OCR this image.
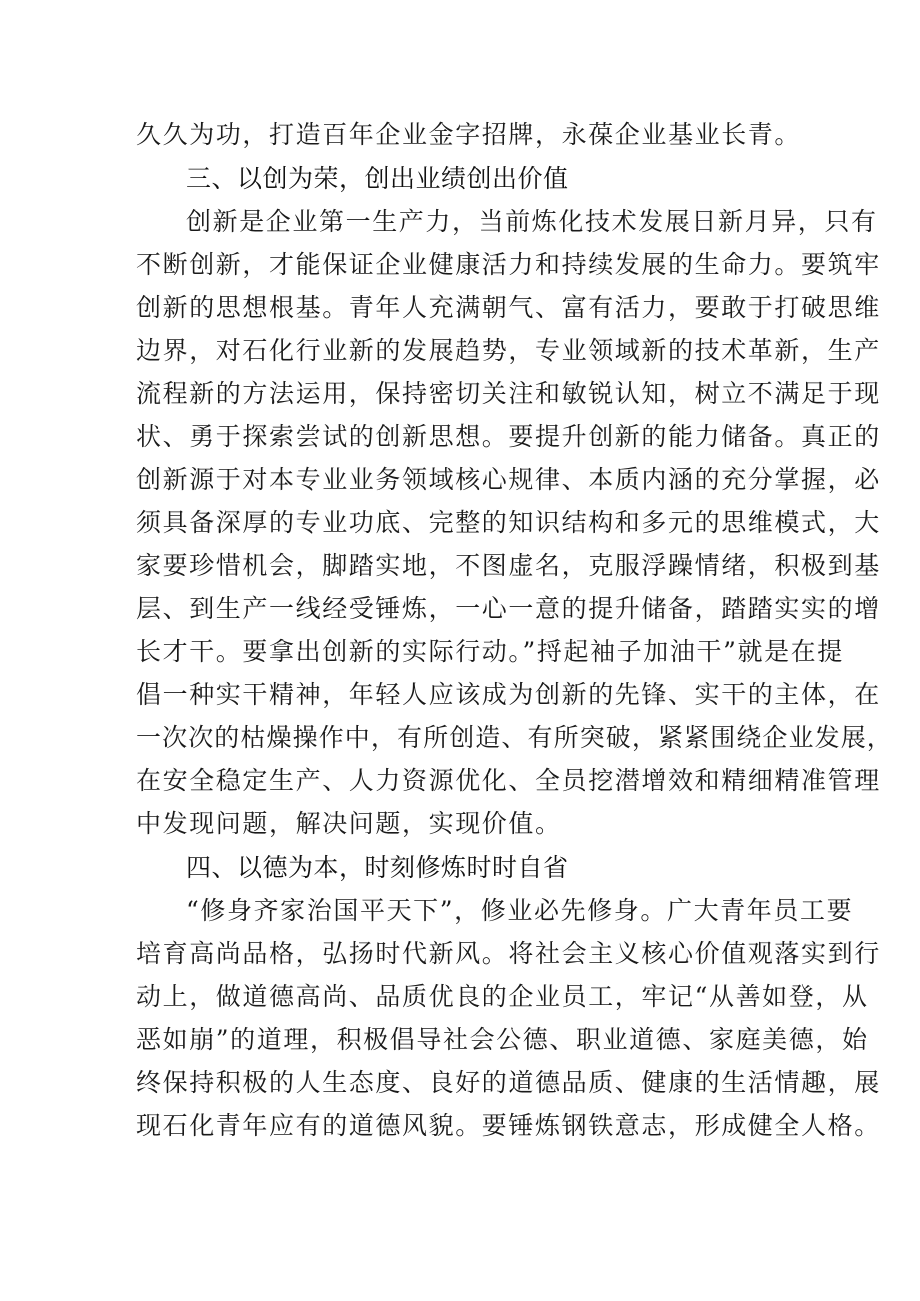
久久为功，打造百年企业金字招牌，永葆企业基业长青。
三、以创为荣，创出业绩创出价值
创新是企业第一生产力，当前炼化技术发展日新月异，只有
不断创新，才能保证企业健康活力和持续发展的生命力。要筑牢
创新的思想根基。青年人充满朝气、富有活力，要敢于打破思维
边界，对石化行业新的发展趋势，专业领域新的技术革新，生产
流程新的方法运用，保持密切关注和敏锐认知，树立不满足于现
状、勇于探索尝试的创新思想。要提升创新的能力储备。真正的
创新源于对本专业业务领域核心规律、本质内涵的充分掌握，必
须具备深厚的专业功底、完整的知识结构和多元的思维模式，大
家要珍惜机会，脚踏实地，不图虚名，克服浮躁情绪，积极到基
层、到生产一线经受锤炼，一心一意的提升储备，踏踏实实的增
长才干。要拿出创新的实际行动。”捋起袖子加油干”就是在提
倡一种实干精神，年轻人应该成为创新的先锋、实干的主体，在
一次次的枯燥操作中，有所创造、有所突破，紧紧围绕企业发展，
在安全稳定生产、人力资源优化、全员挖潜增效和精细精准管理
中发现问题，解决问题，实现价值。
四、以德为本，时刻修炼时时自省
“修身齐家治国平天下”，修业必先修身。广大青年员工要
培育高尚品格，弘扬时代新风。将社会主义核心价值观落实到行
动上，做道德高尚、品质优良的企业员工，牢记“从善如登，从
恶如崩”的道理，积极倡导社会公德、职业道德、家庭美德，始
终保持积极的人生态度、良好的道德品质、健康的生活情趣，展
现石化青年应有的道德风貌。要锤炼钢铁意志，形成健全人格。
